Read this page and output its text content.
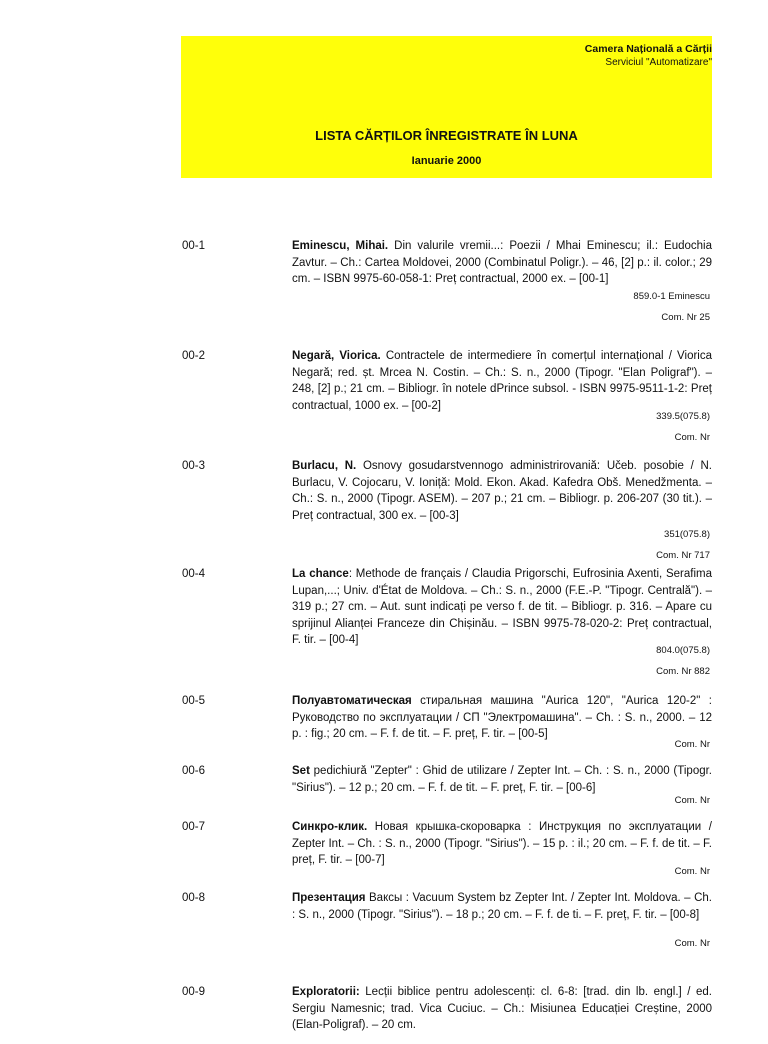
Camera Națională a Cărții
Serviciul "Automatizare"
LISTA CĂRȚILOR ÎNREGISTRATE ÎN LUNA
Ianuarie 2000
00-1	Eminescu, Mihai. Din valurile vremii...: Poezii / Mhai Eminescu; il.: Eudochia Zavtur. – Ch.: Cartea Moldovei, 2000 (Combinatul Poligr.). – 46, [2] p.: il. color.; 29 cm. – ISBN 9975-60-058-1: Preț contractual, 2000 ex. – [00-1]
859.0-1 Eminescu
Com. Nr 25
00-2	Negară, Viorica. Contractele de intermediere în comerțul internațional / Viorica Negară; red. șt. Mrcea N. Costin. – Ch.: S. n., 2000 (Tipogr. "Elan Poligraf"). – 248, [2] p.; 21 cm. – Bibliogr. în notele dPrince subsol. - ISBN 9975-9511-1-2: Preț contractual, 1000 ex. – [00-2]
339.5(075.8)
Com. Nr
00-3	Burlacu, N. Osnovy gosudarstvennogo administrirovaniă: Učeb. posobie / N. Burlacu, V. Cojocaru, V. Ioniță: Mold. Ekon. Akad. Kafedra Obš. Menedžmenta. – Ch.: S. n., 2000 (Tipogr. ASEM). – 207 p.; 21 cm. – Bibliogr. p. 206-207 (30 tit.). – Preț contractual, 300 ex. – [00-3]
351(075.8)
Com. Nr 717
00-4	La chance: Methode de français / Claudia Prigorschi, Eufrosinia Axenti, Serafima Lupan,...; Univ. d'État de Moldova. – Ch.: S. n., 2000 (F.E.-P. "Tipogr. Centrală"). – 319 p.; 27 cm. – Aut. sunt indicați pe verso f. de tit. – Bibliogr. p. 316. – Apare cu sprijinul Alianței Franceze din Chișinău. – ISBN 9975-78-020-2: Preț contractual, F. tir. – [00-4]
804.0(075.8)
Com. Nr 882
00-5	Полуавтоматическая стиральная машина "Aurica 120", "Aurica 120-2" : Руководство по эксплуатации / СП "Электромашина". – Ch. : S. n., 2000. – 12 p. : fig.; 20 cm. – F. f. de tit. – F. preț, F. tir. – [00-5]
Com. Nr
00-6	Set pedichiură "Zepter" : Ghid de utilizare / Zepter Int. – Ch. : S. n., 2000 (Tipogr. "Sirius"). – 12 p.; 20 cm. – F. f. de tit. – F. preț, F. tir. – [00-6]
Com. Nr
00-7	Синкро-клик. Новая крышка-скороварка : Инструкция по эксплуатации / Zepter Int. – Ch. : S. n., 2000 (Tipogr. "Sirius"). – 15 p. : il.; 20 cm. – F. f. de tit. – F. preț, F. tir. – [00-7]
Com. Nr
00-8	Презентация Ваксы : Vacuum System bz Zepter Int. / Zepter Int. Moldova. – Ch. : S. n., 2000 (Tipogr. "Sirius"). – 18 p.; 20 cm. – F. f. de ti. – F. preț, F. tir. – [00-8]
Com. Nr
00-9	Exploratorii: Lecții biblice pentru adolescenți: cl. 6-8: [trad. din lb. engl.] / ed. Sergiu Namesnic; trad. Vica Cuciuc. – Ch.: Misiunea Educației Creștine, 2000 (Elan-Poligraf). – 20 cm.
